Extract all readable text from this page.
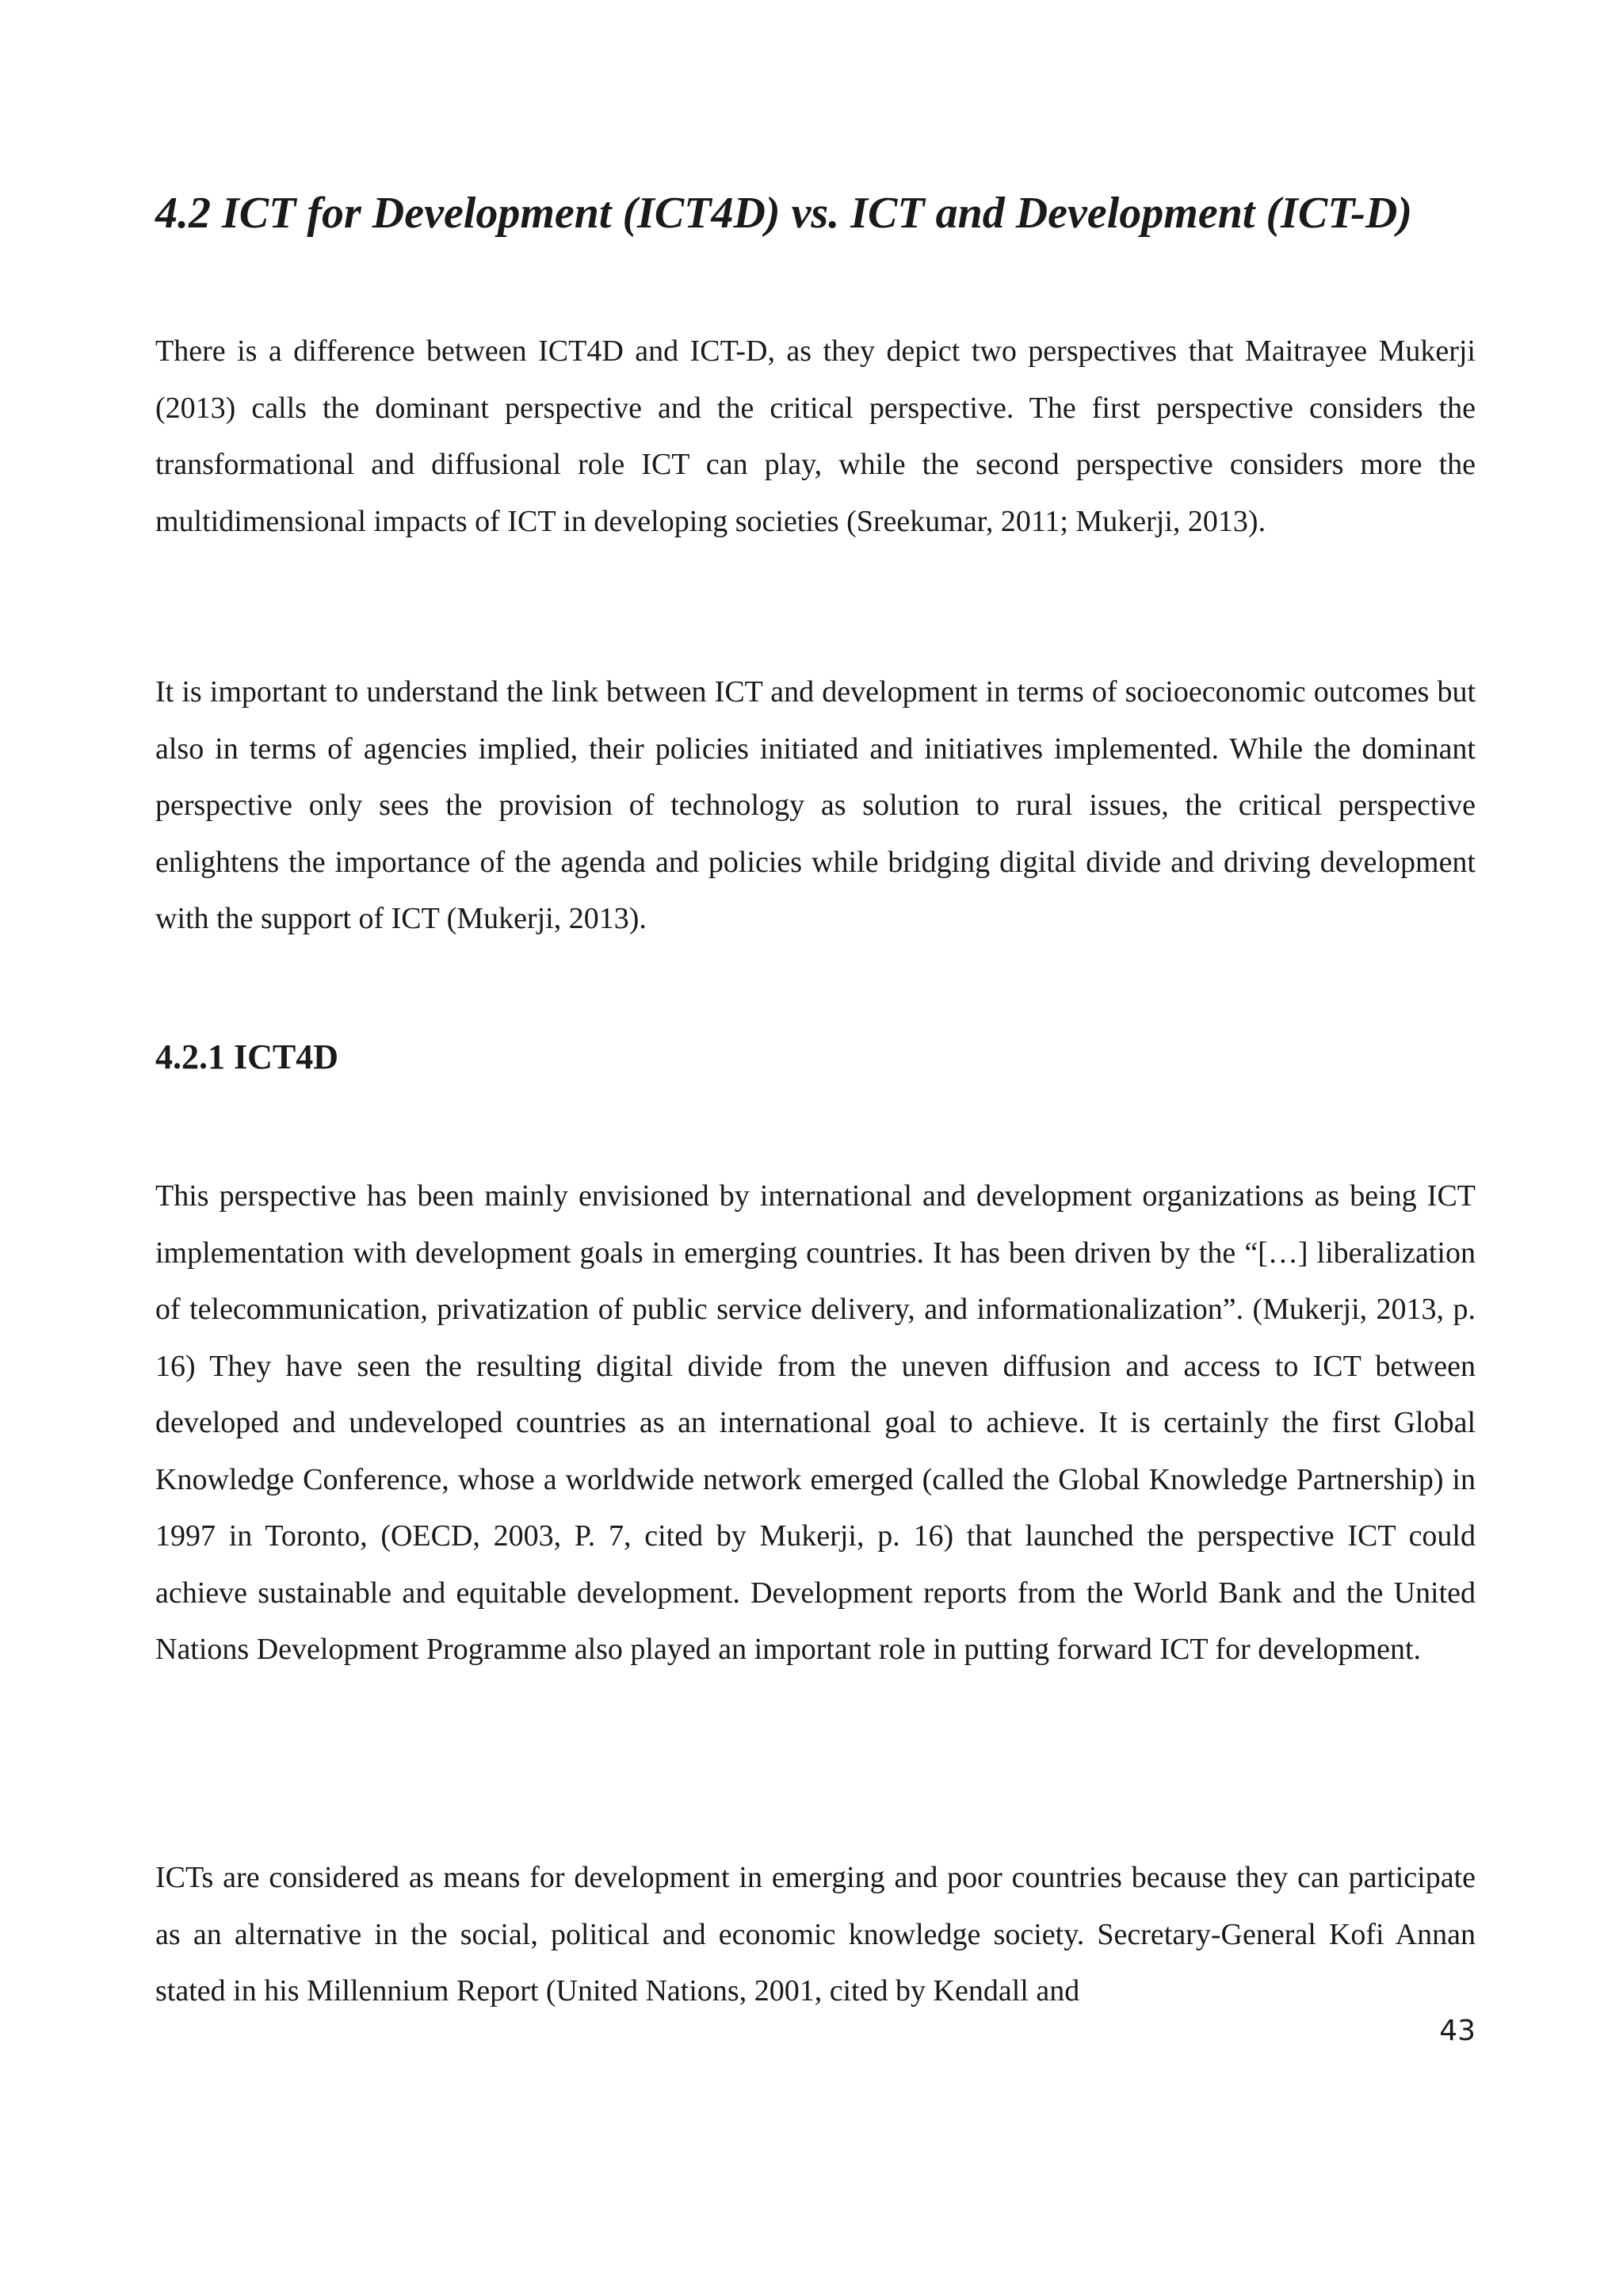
4.2 ICT for Development (ICT4D) vs. ICT and Development (ICT-D)

There is a difference between ICT4D and ICT-D, as they depict two perspectives that Maitrayee Mukerji (2013) calls the dominant perspective and the critical perspective. The first perspective considers the transformational and diffusional role ICT can play, while the second perspective considers more the multidimensional impacts of ICT in developing societies (Sreekumar, 2011; Mukerji, 2013).

It is important to understand the link between ICT and development in terms of socioeconomic outcomes but also in terms of agencies implied, their policies initiated and initiatives implemented. While the dominant perspective only sees the provision of technology as solution to rural issues, the critical perspective enlightens the importance of the agenda and policies while bridging digital divide and driving development with the support of ICT (Mukerji, 2013).

4.2.1 ICT4D

This perspective has been mainly envisioned by international and development organizations as being ICT implementation with development goals in emerging countries. It has been driven by the “[…] liberalization of telecommunication, privatization of public service delivery, and informationalization”. (Mukerji, 2013, p. 16) They have seen the resulting digital divide from the uneven diffusion and access to ICT between developed and undeveloped countries as an international goal to achieve. It is certainly the first Global Knowledge Conference, whose a worldwide network emerged (called the Global Knowledge Partnership) in 1997 in Toronto, (OECD, 2003, P. 7, cited by Mukerji, p. 16) that launched the perspective ICT could achieve sustainable and equitable development. Development reports from the World Bank and the United Nations Development Programme also played an important role in putting forward ICT for development.

ICTs are considered as means for development in emerging and poor countries because they can participate as an alternative in the social, political and economic knowledge society. Secretary-General Kofi Annan stated in his Millennium Report (United Nations, 2001, cited by Kendall and

43
